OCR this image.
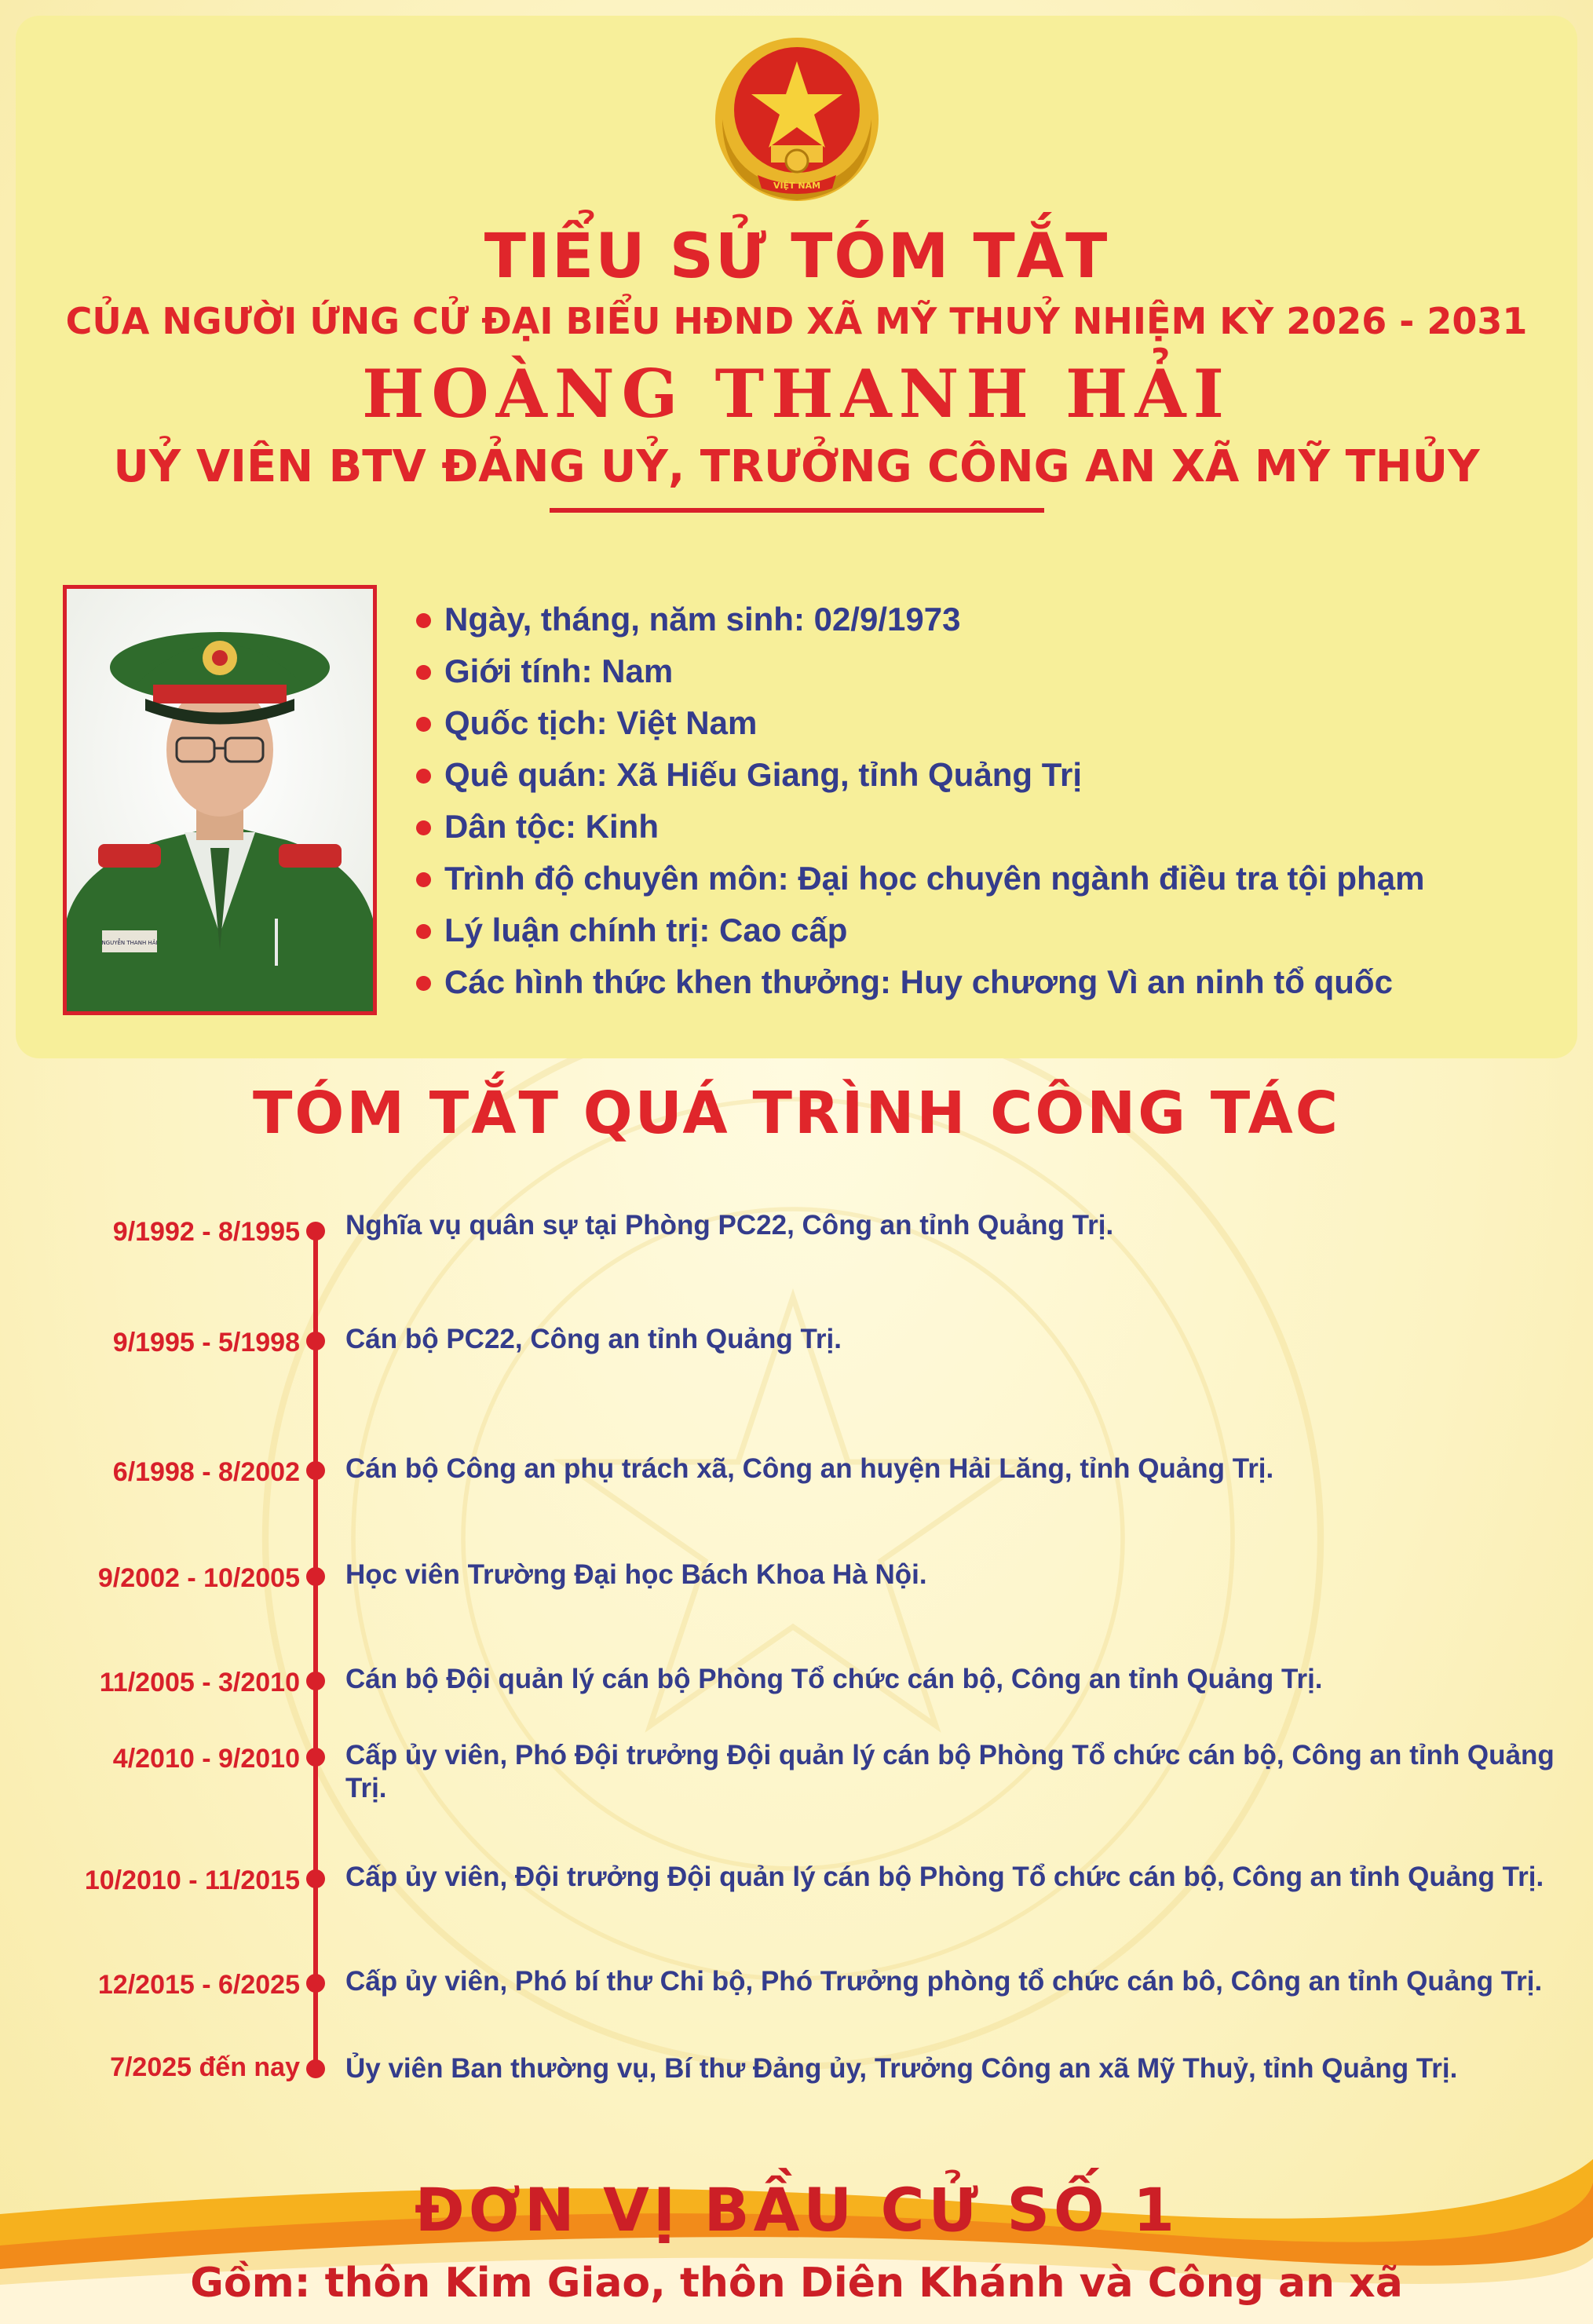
VIỆT NAM
TIỂU SỬ TÓM TẮT
CỦA NGƯỜI ỨNG CỬ ĐẠI BIỂU HĐND XÃ MỸ THUỶ NHIỆM KỲ 2026 - 2031
HOÀNG THANH HẢI
UỶ VIÊN BTV ĐẢNG UỶ, TRƯỞNG CÔNG AN XÃ MỸ THỦY
NGUYỄN THANH HẢI
Ngày, tháng, năm sinh: 02/9/1973
Giới tính: Nam
Quốc tịch: Việt Nam
Quê quán: Xã Hiếu Giang, tỉnh Quảng Trị
Dân tộc: Kinh
Trình độ chuyên môn: Đại học chuyên ngành điều tra tội phạm
Lý luận chính trị: Cao cấp
Các hình thức khen thưởng: Huy chương Vì an ninh tổ quốc
TÓM TẮT QUÁ TRÌNH CÔNG TÁC
9/1992 - 8/1995 Nghĩa vụ quân sự tại Phòng PC22, Công an tỉnh Quảng Trị.
9/1995 - 5/1998 Cán bộ PC22, Công an tỉnh Quảng Trị.
6/1998 - 8/2002 Cán bộ Công an phụ trách xã, Công an huyện Hải Lăng, tỉnh Quảng Trị.
9/2002 - 10/2005 Học viên Trường Đại học Bách Khoa Hà Nội.
11/2005 - 3/2010 Cán bộ Đội quản lý cán bộ Phòng Tổ chức cán bộ, Công an tỉnh Quảng Trị.
4/2010 - 9/2010 Cấp ủy viên, Phó Đội trưởng Đội quản lý cán bộ Phòng Tổ chức cán bộ, Công an tỉnh Quảng Trị.
10/2010 - 11/2015 Cấp ủy viên, Đội trưởng Đội quản lý cán bộ Phòng Tổ chức cán bộ, Công an tỉnh Quảng Trị.
12/2015 - 6/2025 Cấp ủy viên, Phó bí thư Chi bộ, Phó Trưởng phòng tổ chức cán bô, Công an tỉnh Quảng Trị.
7/2025 đến nay Ủy viên Ban thường vụ, Bí thư Đảng ủy, Trưởng Công an xã Mỹ Thuỷ, tỉnh Quảng Trị.
ĐƠN VỊ BẦU CỬ SỐ 1
Gồm: thôn Kim Giao, thôn Diên Khánh và Công an xã
